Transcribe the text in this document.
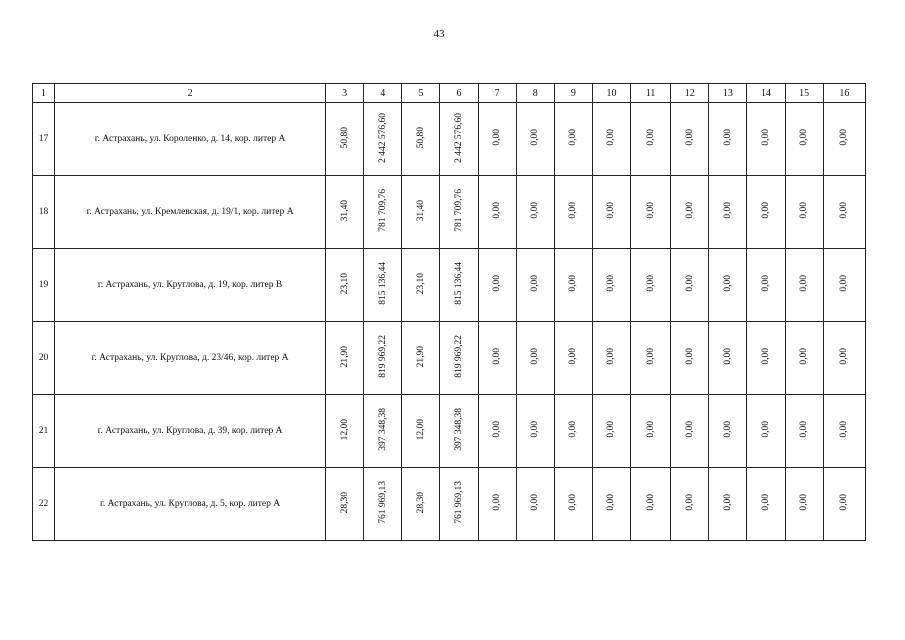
43
1	2	3	4	5	6	7	8	9	10	11	12	13	14	15	16
17	г. Астрахань, ул. Короленко, д. 14, кор. литер А	50,80	2 442 576,60	50,80	2 442 576,60	0,00	0,00	0,00	0,00	0,00	0,00	0,00	0,00	0,00	0,00
18	г. Астрахань, ул. Кремлевская, д. 19/1, кор. литер А	31,40	781 709,76	31,40	781 709,76	0,00	0,00	0,00	0,00	0,00	0,00	0,00	0,00	0,00	0,00
19	г. Астрахань, ул. Круглова, д. 19, кор. литер В	23,10	815 136,44	23,10	815 136,44	0,00	0,00	0,00	0,00	0,00	0,00	0,00	0,00	0,00	0,00
20	г. Астрахань, ул. Круглова, д. 23/46, кор. литер А	21,90	819 969,22	21,90	819 969,22	0,00	0,00	0,00	0,00	0,00	0,00	0,00	0,00	0,00	0,00
21	г. Астрахань, ул. Круглова, д. 39, кор. литер А	12,00	397 348,38	12,00	397 348,38	0,00	0,00	0,00	0,00	0,00	0,00	0,00	0,00	0,00	0,00
22	г. Астрахань, ул. Круглова, д. 5, кор. литер А	28,30	761 969,13	28,30	761 969,13	0,00	0,00	0,00	0,00	0,00	0,00	0,00	0,00	0,00	0,00
